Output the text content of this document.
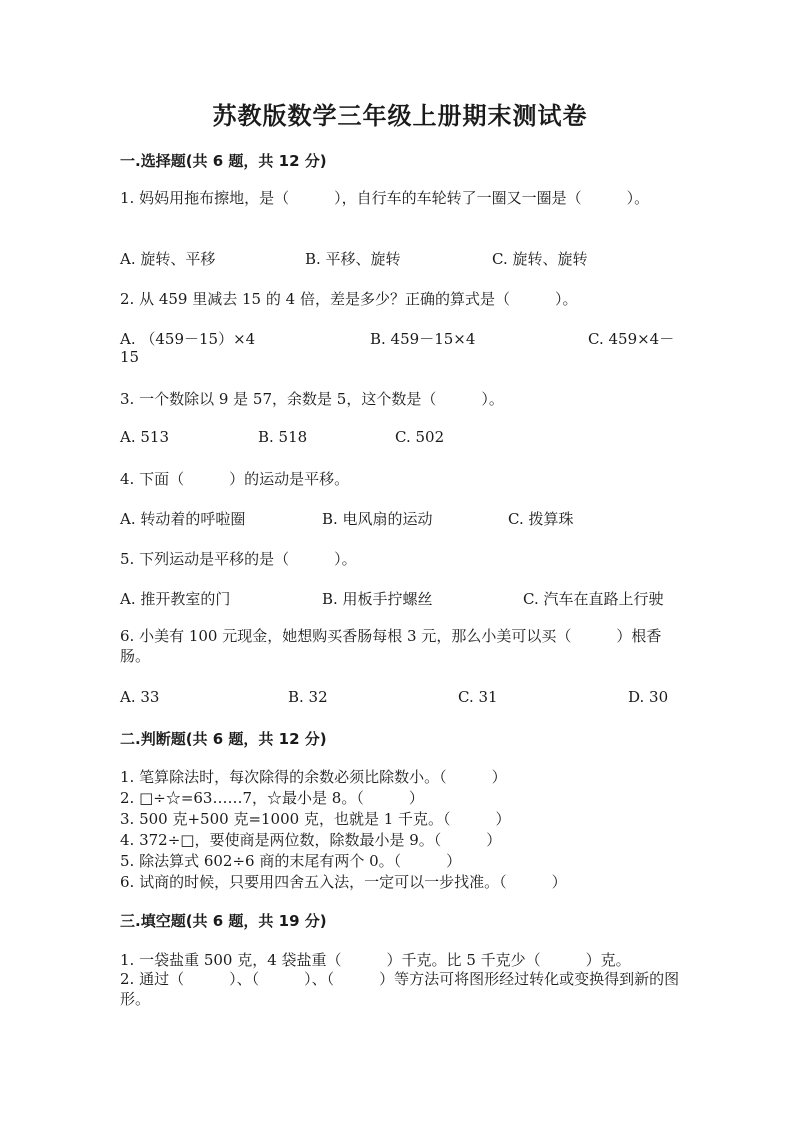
苏教版数学三年级上册期末测试卷
一.选择题(共 6 题，共 12 分)
1. 妈妈用拖布擦地，是（　　　），自行车的车轮转了一圈又一圈是（　　　）。
A. 旋转、平移	B. 平移、旋转	C. 旋转、旋转
2. 从 459 里减去 15 的 4 倍，差是多少？正确的算式是（　　　）。
A. （459－15）×4	B. 459－15×4	C. 459×4－
15
3. 一个数除以 9 是 57，余数是 5，这个数是（　　　）。
A. 513	B. 518	C. 502
4. 下面（　　　）的运动是平移。
A. 转动着的呼啦圈	B. 电风扇的运动	C. 拨算珠
5. 下列运动是平移的是（　　　）。
A. 推开教室的门	B. 用板手拧螺丝	C. 汽车在直路上行驶
6. 小美有 100 元现金，她想购买香肠每根 3 元，那么小美可以买（　　　）根香肠。
A. 33	B. 32	C. 31	D. 30
二.判断题(共 6 题，共 12 分)
1. 笔算除法时，每次除得的余数必须比除数小。（　　　）
2. □÷☆=63……7，☆最小是 8。（　　　）
3. 500 克+500 克=1000 克，也就是 1 千克。（　　　）
4. 372÷□，要使商是两位数，除数最小是 9。（　　　）
5. 除法算式 602÷6 商的末尾有两个 0。（　　　）
6. 试商的时候，只要用四舍五入法，一定可以一步找准。（　　　）
三.填空题(共 6 题，共 19 分)
1. 一袋盐重 500 克，4 袋盐重（　　　）千克。比 5 千克少（　　　）克。
2. 通过（　　　）、（　　　）、（　　　）等方法可将图形经过转化或变换得到新的图形。
